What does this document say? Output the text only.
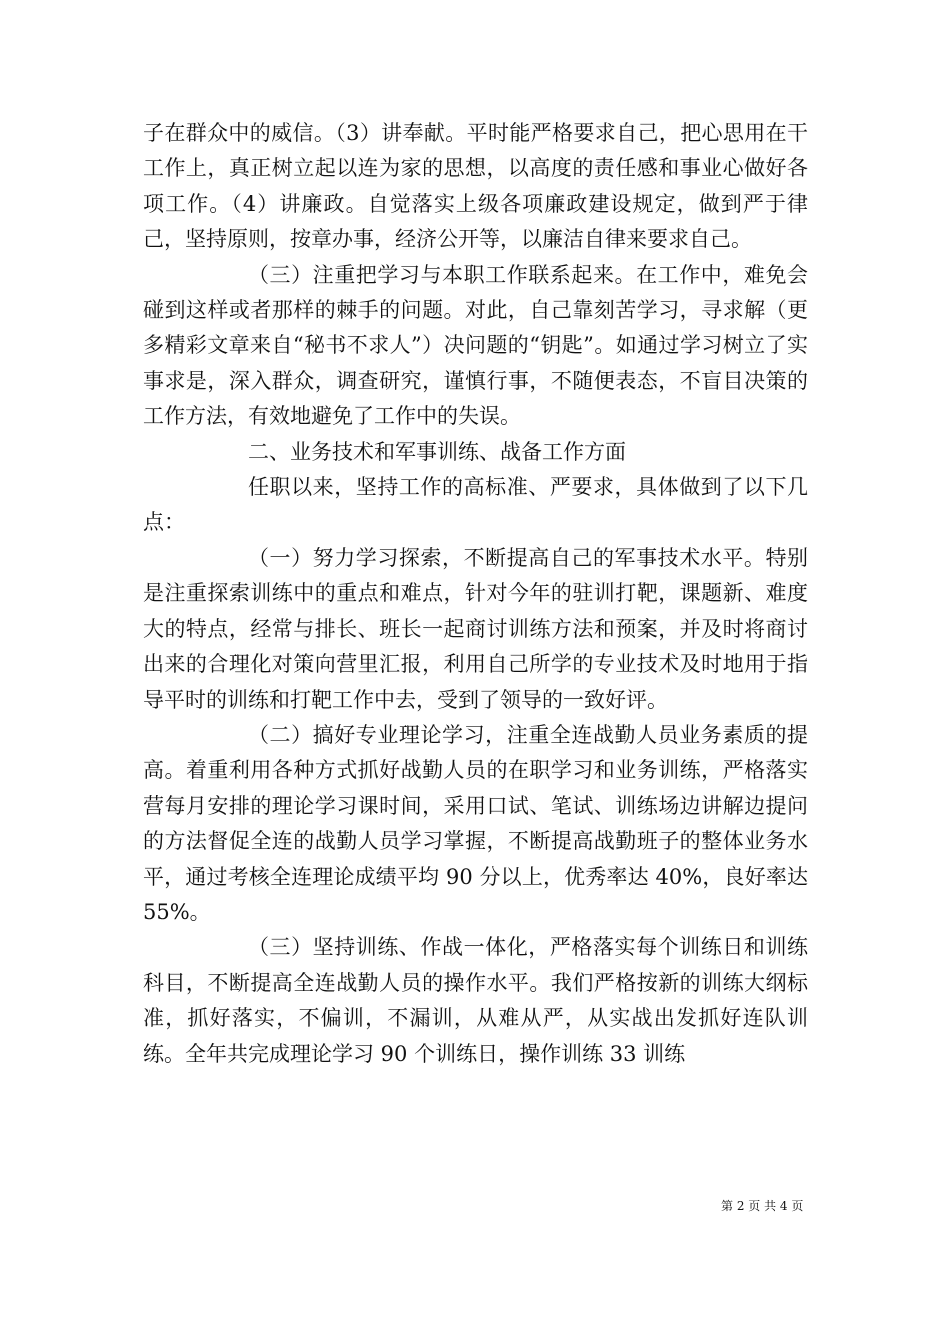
子在群众中的威信。（3）讲奉献。平时能严格要求自己，把心思用在干工作上，真正树立起以连为家的思想，以高度的责任感和事业心做好各项工作。（4）讲廉政。自觉落实上级各项廉政建设规定，做到严于律己，坚持原则，按章办事，经济公开等，以廉洁自律来要求自己。

（三）注重把学习与本职工作联系起来。在工作中，难免会碰到这样或者那样的棘手的问题。对此，自己靠刻苦学习，寻求解（更多精彩文章来自“秘书不求人”）决问题的“钥匙”。如通过学习树立了实事求是，深入群众，调查研究，谨慎行事，不随便表态，不盲目决策的工作方法，有效地避免了工作中的失误。

二、业务技术和军事训练、战备工作方面

任职以来，坚持工作的高标准、严要求，具体做到了以下几点：

（一）努力学习探索，不断提高自己的军事技术水平。特别是注重探索训练中的重点和难点，针对今年的驻训打靶，课题新、难度大的特点，经常与排长、班长一起商讨训练方法和预案，并及时将商讨出来的合理化对策向营里汇报，利用自己所学的专业技术及时地用于指导平时的训练和打靶工作中去，受到了领导的一致好评。

（二）搞好专业理论学习，注重全连战勤人员业务素质的提高。着重利用各种方式抓好战勤人员的在职学习和业务训练，严格落实营每月安排的理论学习课时间，采用口试、笔试、训练场边讲解边提问的方法督促全连的战勤人员学习掌握，不断提高战勤班子的整体业务水平，通过考核全连理论成绩平均 90 分以上，优秀率达 40%，良好率达 55%。

（三）坚持训练、作战一体化，严格落实每个训练日和训练科目，不断提高全连战勤人员的操作水平。我们严格按新的训练大纲标准，抓好落实，不偏训，不漏训，从难从严，从实战出发抓好连队训练。全年共完成理论学习 90 个训练日，操作训练 33 训练

第 2 页 共 4 页
